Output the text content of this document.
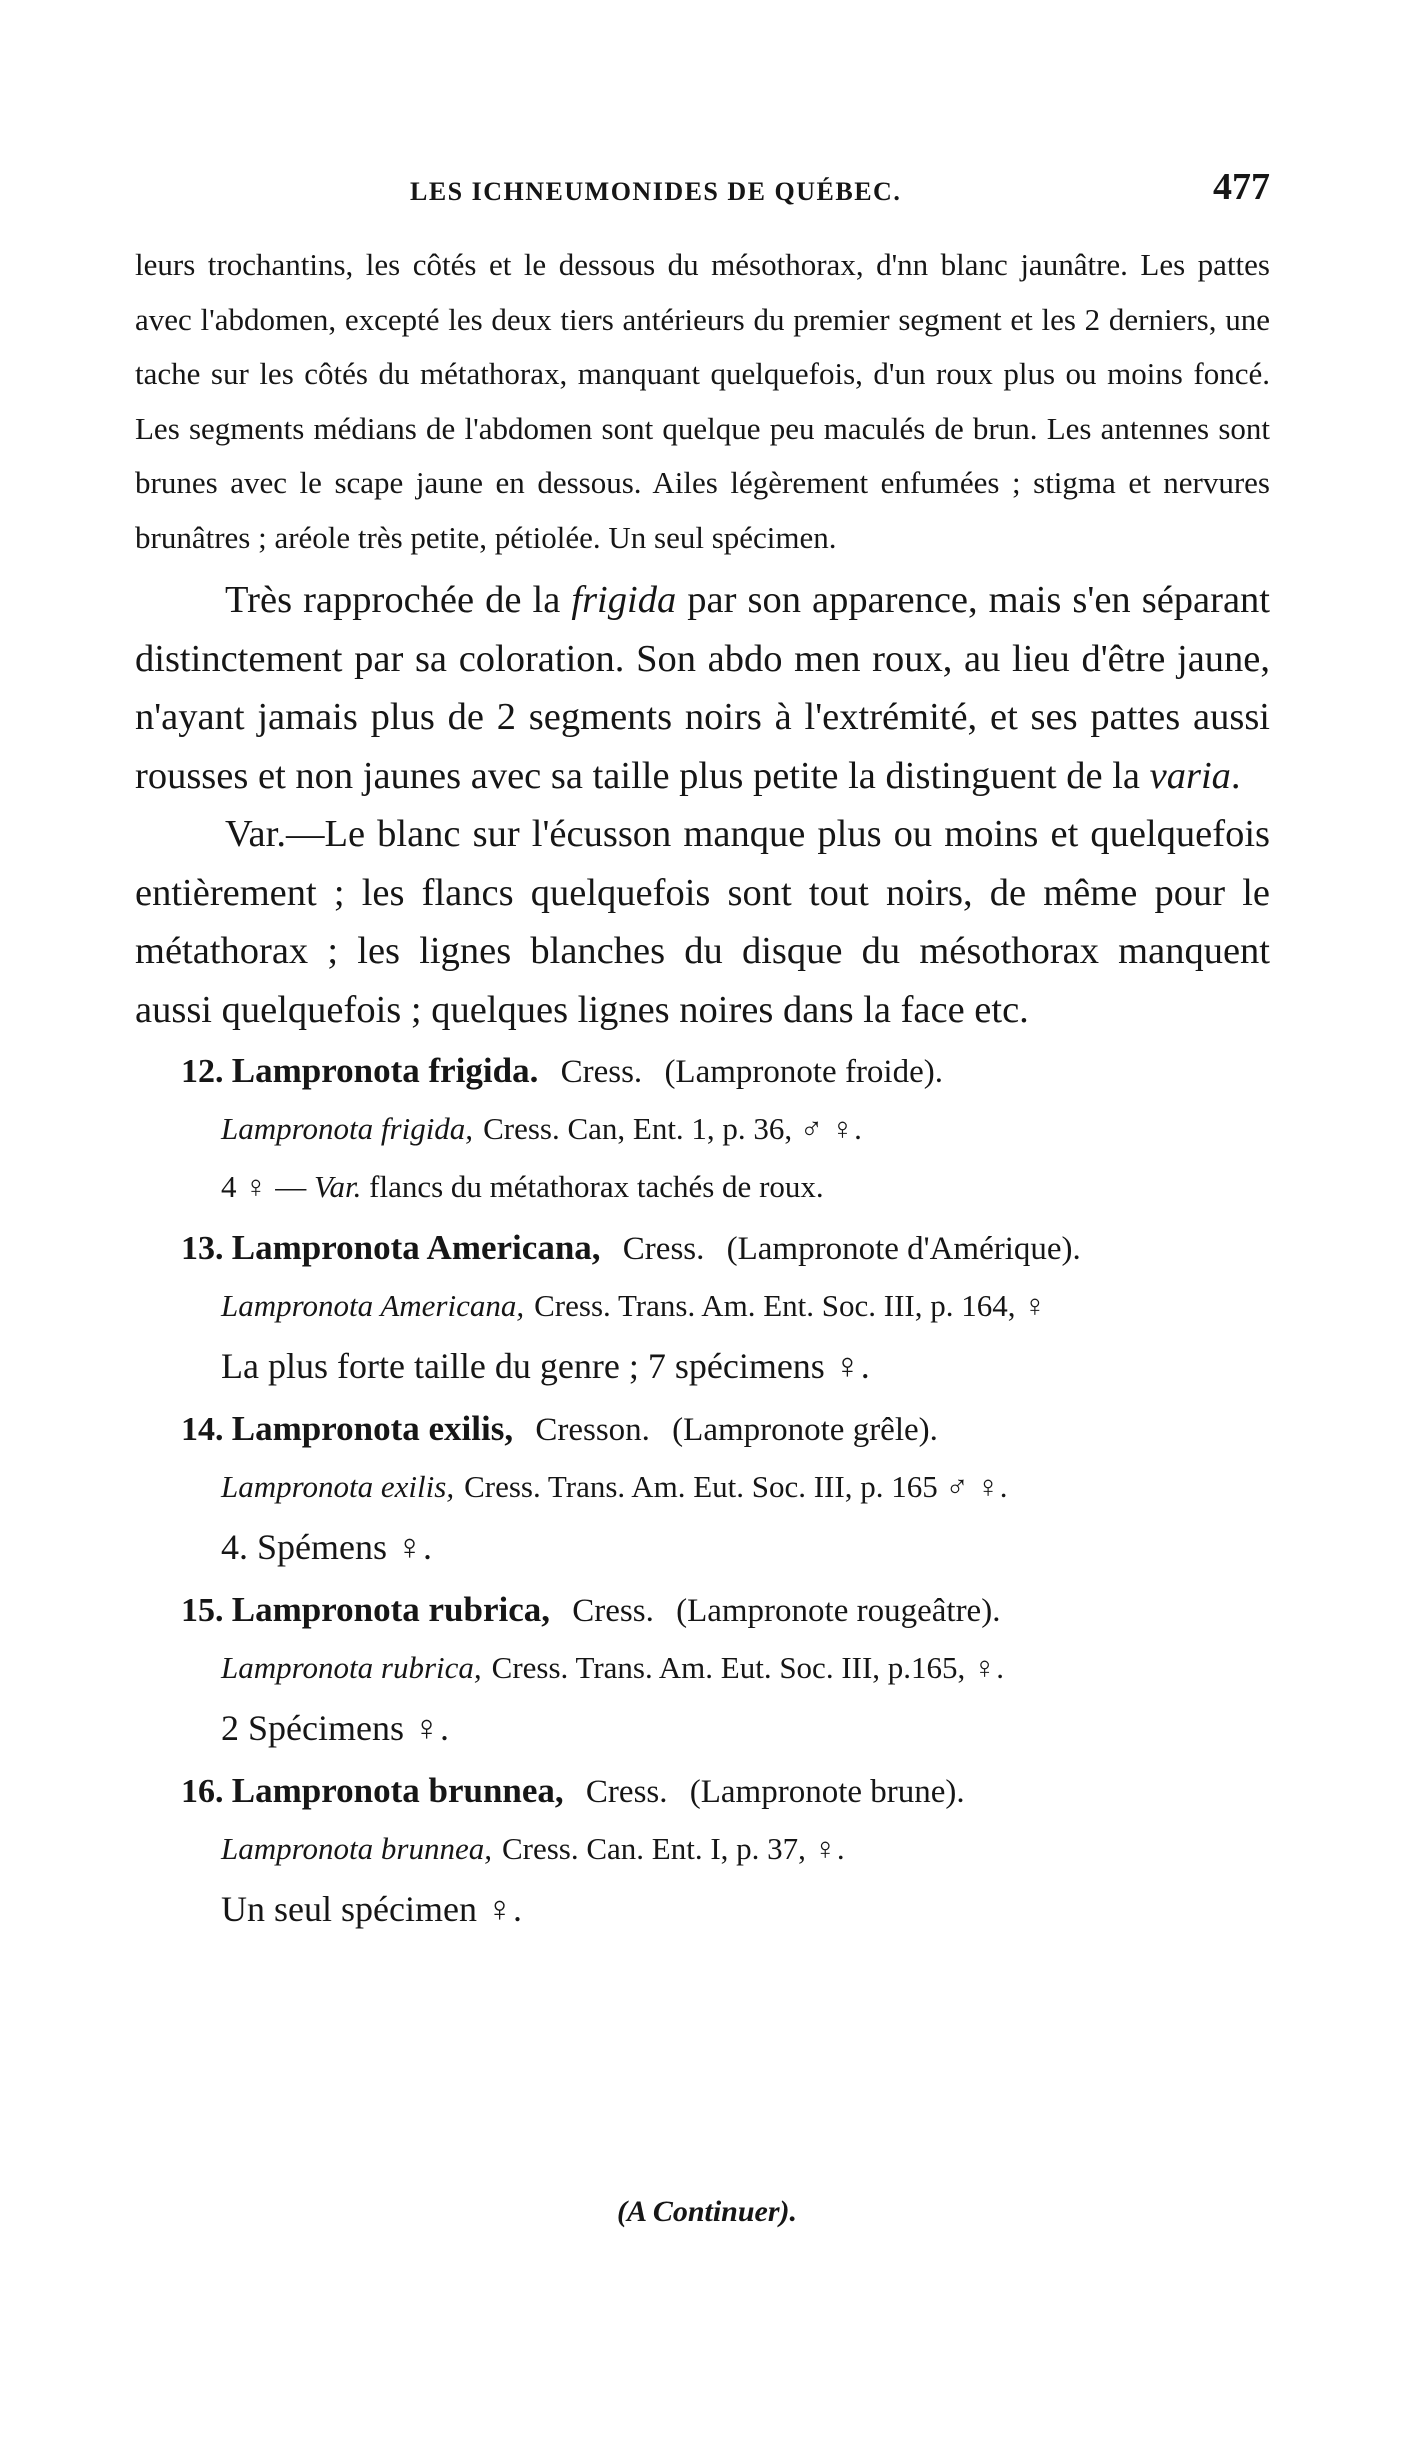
LES ICHNEUMONIDES DE QUÉBEC.	477

leurs trochantins, les côtés et le dessous du mésothorax, d'nn blanc jaunâtre. Les pattes avec l'abdomen, excepté les deux tiers antérieurs du premier segment et les 2 derniers, une tache sur les côtés du métathorax, manquant quelquefois, d'un roux plus ou moins foncé. Les segments médians de l'abdomen sont quelque peu maculés de brun. Les antennes sont brunes avec le scape jaune en dessous. Ailes légèrement enfumées ; stigma et nervures brunâtres ; aréole très petite, pétiolée. Un seul spécimen.

Très rapprochée de la frigida par son apparence, mais s'en séparant distinctement par sa coloration. Son abdo men roux, au lieu d'être jaune, n'ayant jamais plus de 2 segments noirs à l'extrémité, et ses pattes aussi rousses et non jaunes avec sa taille plus petite la distinguent de la varia.

Var.—Le blanc sur l'écusson manque plus ou moins et quelquefois entièrement ; les flancs quelquefois sont tout noirs, de même pour le métathorax ; les lignes blanches du disque du mésothorax manquent aussi quelquefois ; quelques lignes noires dans la face etc.

12. Lampronota frigida. Cress. (Lampronote froide).
Lampronota frigida, Cress. Can, Ent. 1, p. 36, ♂ ♀.
4 ♀ — Var. flancs du métathorax tachés de roux.
13. Lampronota Americana, Cress. (Lampronote d'Amérique).
Lampronota Americana, Cress. Trans. Am. Ent. Soc. III, p. 164, ♀
La plus forte taille du genre ; 7 spécimens ♀.
14. Lampronota exilis, Cresson. (Lampronote grêle).
Lampronota exilis, Cress. Trans. Am. Eut. Soc. III, p. 165 ♂ ♀.
4. Spémens ♀.
15. Lampronota rubrica, Cress. (Lampronote rougeâtre).
Lampronota rubrica, Cress. Trans. Am. Eut. Soc. III, p.165, ♀.
2 Spécimens ♀.
16. Lampronota brunnea, Cress. (Lampronote brune).
Lampronota brunnea, Cress. Can. Ent. I, p. 37, ♀.
Un seul spécimen ♀.
(A Continuer).
